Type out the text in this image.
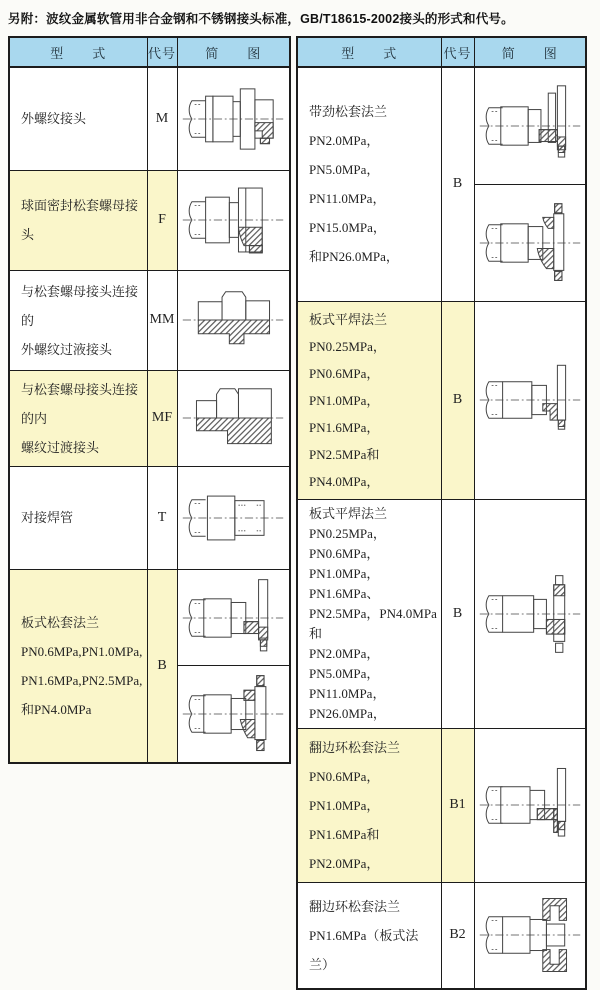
另附：波纹金属软管用非合金钢和不锈钢接头标准，GB/T18615-2002接头的形式和代号。
型　　式	代号	简　　图

外螺纹接头	M	

球面密封松套螺母接头	F	

与松套螺母接头连接的
外螺纹过液接头	MM	

与松套螺母接头连接的内
螺纹过渡接头	MF	

对接焊管	T	

板式松套法兰
PN0.6MPa,PN1.0MPa,
PN1.6MPa,PN2.5MPa,
和PN4.0MPa	B	
型　　式	代号	简　　图

带劲松套法兰
PN2.0MPa，PN5.0MPa，
PN11.0MPa，PN15.0MPa，
和PN26.0MPa，	B	

板式平焊法兰
PN0.25MPa，PN0.6MPa，
PN1.0MPa，PN1.6MPa，
PN2.5MPa和PN4.0MPa，	B	

板式平焊法兰
PN0.25MPa，PN0.6MPa，
PN1.0MPa，PN1.6MPa、
PN2.5MPa，PN4.0MPa和
PN2.0MPa，PN5.0MPa，
PN11.0MPa，PN26.0MPa，
	B	

翻边环松套法兰
PN0.6MPa，PN1.0MPa，
PN1.6MPa和PN2.0MPa，	B1	

翻边环松套法兰
PN1.6MPa（板式法兰）	B2	
